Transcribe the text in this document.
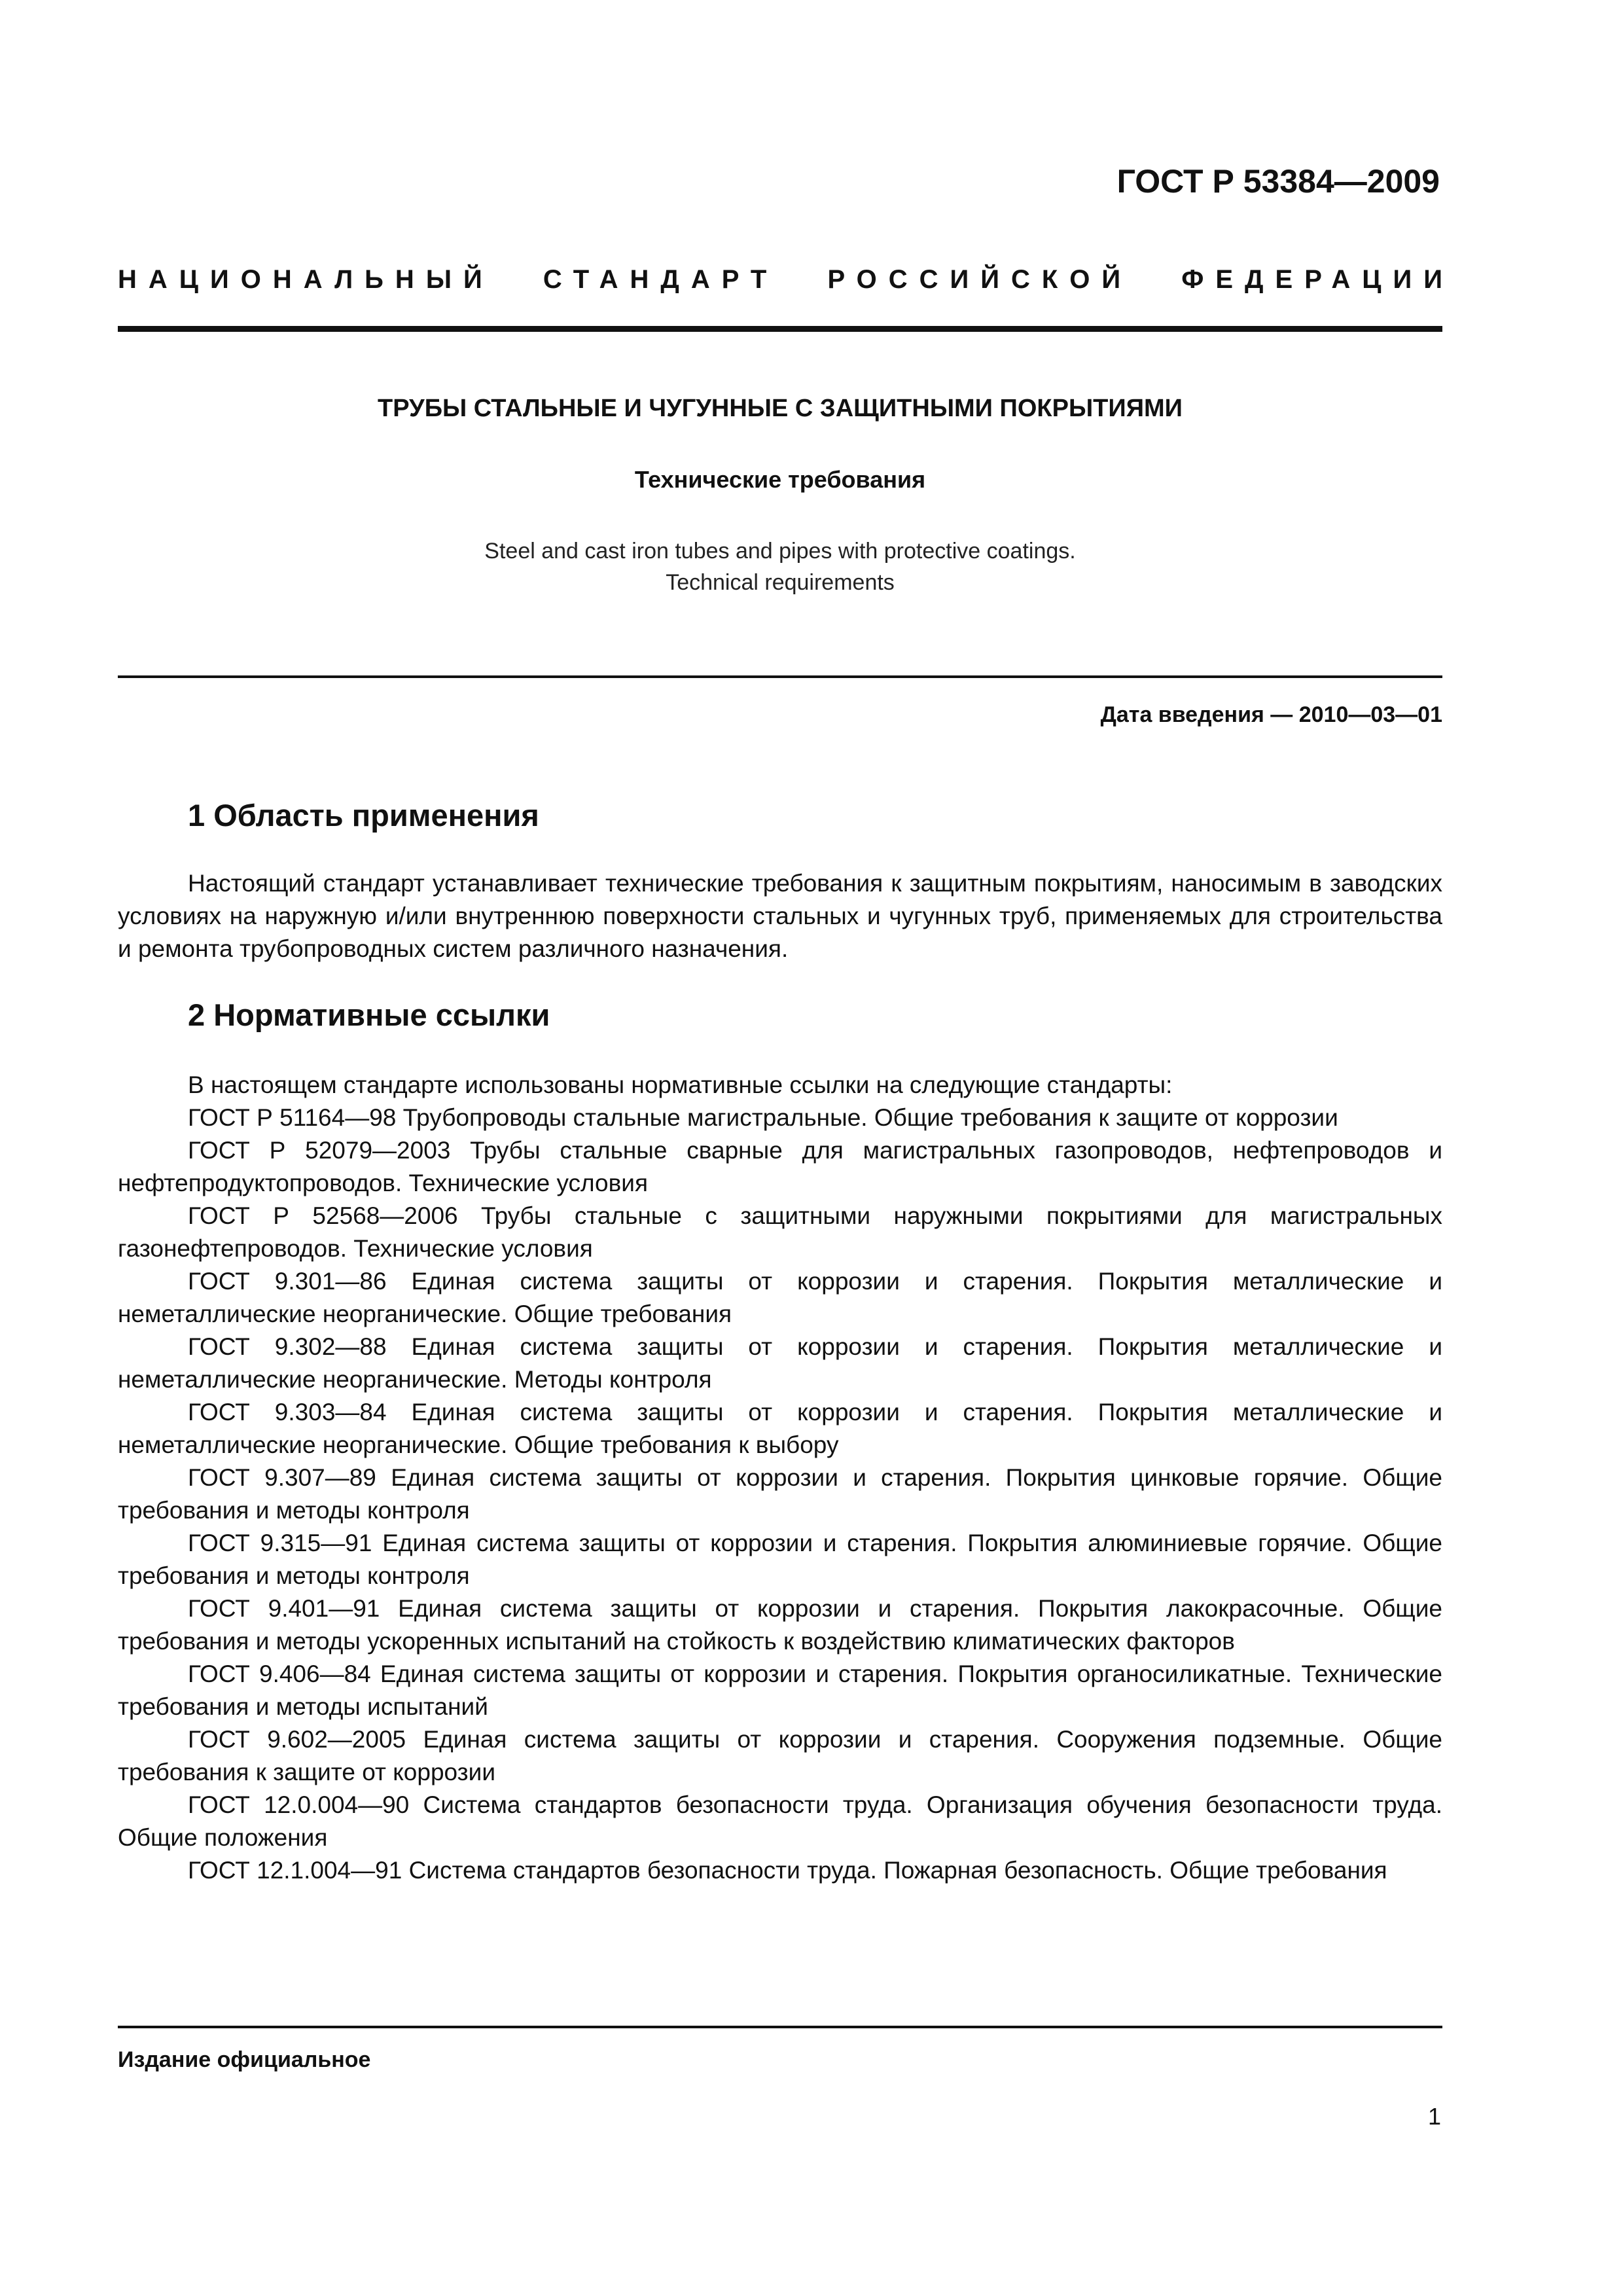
ГОСТ Р 53384—2009
НАЦИОНАЛЬНЫЙ СТАНДАРТ РОССИЙСКОЙ ФЕДЕРАЦИИ
ТРУБЫ СТАЛЬНЫЕ И ЧУГУННЫЕ С ЗАЩИТНЫМИ ПОКРЫТИЯМИ
Технические требования
Steel and cast iron tubes and pipes with protective coatings.
Technical requirements
Дата введения — 2010—03—01
1 Область применения

Настоящий стандарт устанавливает технические требования к защитным покрытиям, наносимым в заводских условиях на наружную и/или внутреннюю поверхности стальных и чугунных труб, применяемых для строительства и ремонта трубопроводных систем различного назначения.

2 Нормативные ссылки

В настоящем стандарте использованы нормативные ссылки на следующие стандарты:

ГОСТ Р 51164—98 Трубопроводы стальные магистральные. Общие требования к защите от коррозии

ГОСТ Р 52079—2003 Трубы стальные сварные для магистральных газопроводов, нефтепроводов и нефтепродуктопроводов. Технические условия

ГОСТ Р 52568—2006 Трубы стальные с защитными наружными покрытиями для магистральных газонефтепроводов. Технические условия

ГОСТ 9.301—86 Единая система защиты от коррозии и старения. Покрытия металлические и неметаллические неорганические. Общие требования

ГОСТ 9.302—88 Единая система защиты от коррозии и старения. Покрытия металлические и неметаллические неорганические. Методы контроля

ГОСТ 9.303—84 Единая система защиты от коррозии и старения. Покрытия металлические и неметаллические неорганические. Общие требования к выбору

ГОСТ 9.307—89 Единая система защиты от коррозии и старения. Покрытия цинковые горячие. Общие требования и методы контроля

ГОСТ 9.315—91 Единая система защиты от коррозии и старения. Покрытия алюминиевые горячие. Общие требования и методы контроля

ГОСТ 9.401—91 Единая система защиты от коррозии и старения. Покрытия лакокрасочные. Общие требования и методы ускоренных испытаний на стойкость к воздействию климатических факторов

ГОСТ 9.406—84 Единая система защиты от коррозии и старения. Покрытия органосиликатные. Технические требования и методы испытаний

ГОСТ 9.602—2005 Единая система защиты от коррозии и старения. Сооружения подземные. Общие требования к защите от коррозии

ГОСТ 12.0.004—90 Система стандартов безопасности труда. Организация обучения безопасности труда. Общие положения

ГОСТ 12.1.004—91 Система стандартов безопасности труда. Пожарная безопасность. Общие требования

Издание официальное
1
